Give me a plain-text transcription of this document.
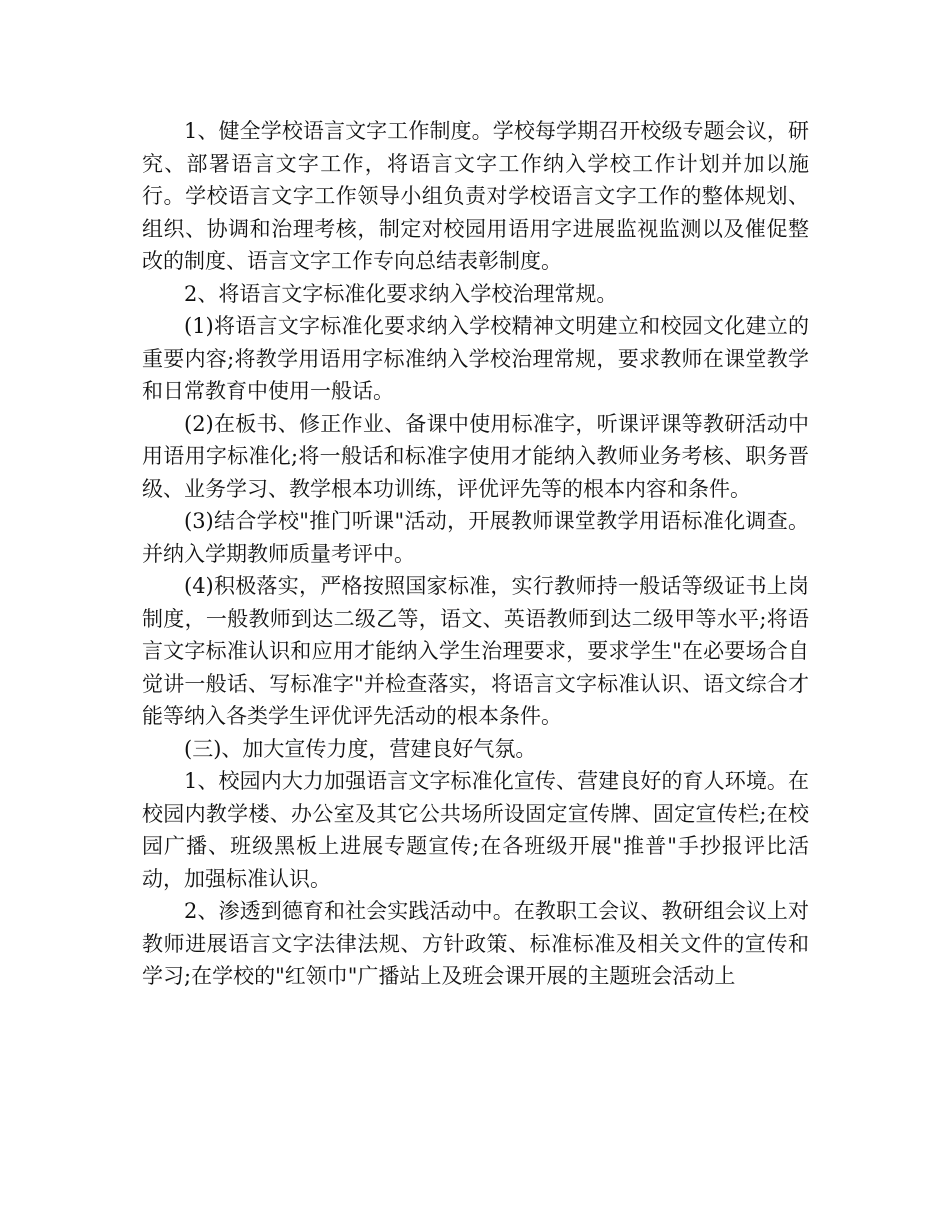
1、健全学校语言文字工作制度。学校每学期召开校级专题会议，研究、部署语言文字工作，将语言文字工作纳入学校工作计划并加以施行。学校语言文字工作领导小组负责对学校语言文字工作的整体规划、组织、协调和治理考核，制定对校园用语用字进展监视监测以及催促整改的制度、语言文字工作专向总结表彰制度。

2、将语言文字标准化要求纳入学校治理常规。

(1)将语言文字标准化要求纳入学校精神文明建立和校园文化建立的重要内容;将教学用语用字标准纳入学校治理常规，要求教师在课堂教学和日常教育中使用一般话。

(2)在板书、修正作业、备课中使用标准字，听课评课等教研活动中用语用字标准化;将一般话和标准字使用才能纳入教师业务考核、职务晋级、业务学习、教学根本功训练，评优评先等的根本内容和条件。

(3)结合学校"推门听课"活动，开展教师课堂教学用语标准化调查。并纳入学期教师质量考评中。

(4)积极落实，严格按照国家标准，实行教师持一般话等级证书上岗制度，一般教师到达二级乙等，语文、英语教师到达二级甲等水平;将语言文字标准认识和应用才能纳入学生治理要求，要求学生"在必要场合自觉讲一般话、写标准字"并检查落实，将语言文字标准认识、语文综合才能等纳入各类学生评优评先活动的根本条件。

(三)、加大宣传力度，营建良好气氛。

1、校园内大力加强语言文字标准化宣传、营建良好的育人环境。在校园内教学楼、办公室及其它公共场所设固定宣传牌、固定宣传栏;在校园广播、班级黑板上进展专题宣传;在各班级开展"推普"手抄报评比活动，加强标准认识。

2、渗透到德育和社会实践活动中。在教职工会议、教研组会议上对教师进展语言文字法律法规、方针政策、标准标准及相关文件的宣传和学习;在学校的"红领巾"广播站上及班会课开展的主题班会活动上
